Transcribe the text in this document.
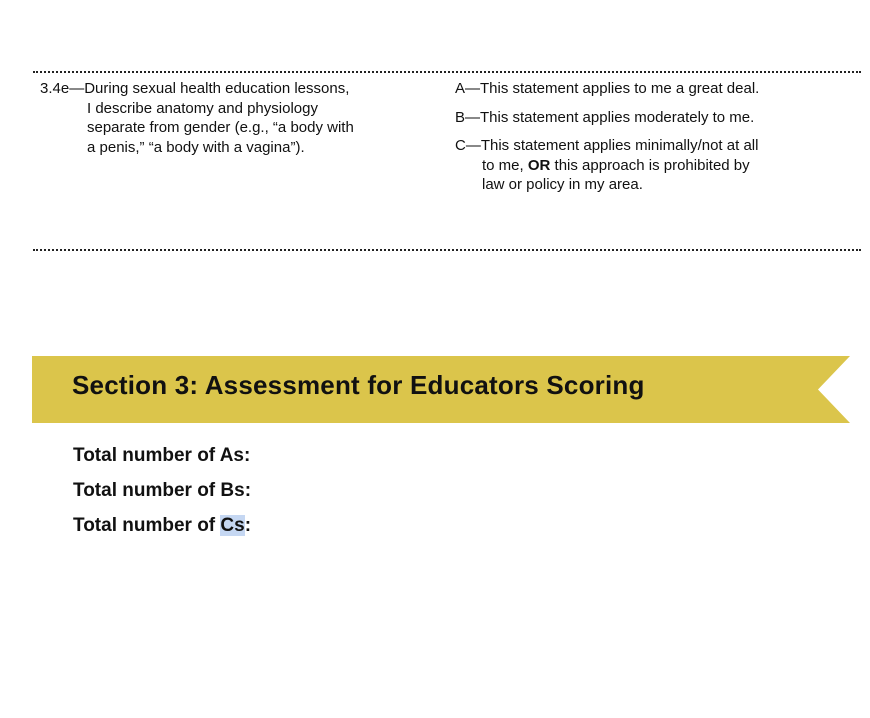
3.4e—During sexual health education lessons,
I describe anatomy and physiology
separate from gender (e.g., “a body with
a penis,” “a body with a vagina”).
A—This statement applies to me a great deal.
B—This statement applies moderately to me.
C—This statement applies minimally/not at all
to me, OR this approach is prohibited by
law or policy in my area.
Section 3: Assessment for Educators Scoring
Total number of As:
Total number of Bs:
Total number of Cs:
